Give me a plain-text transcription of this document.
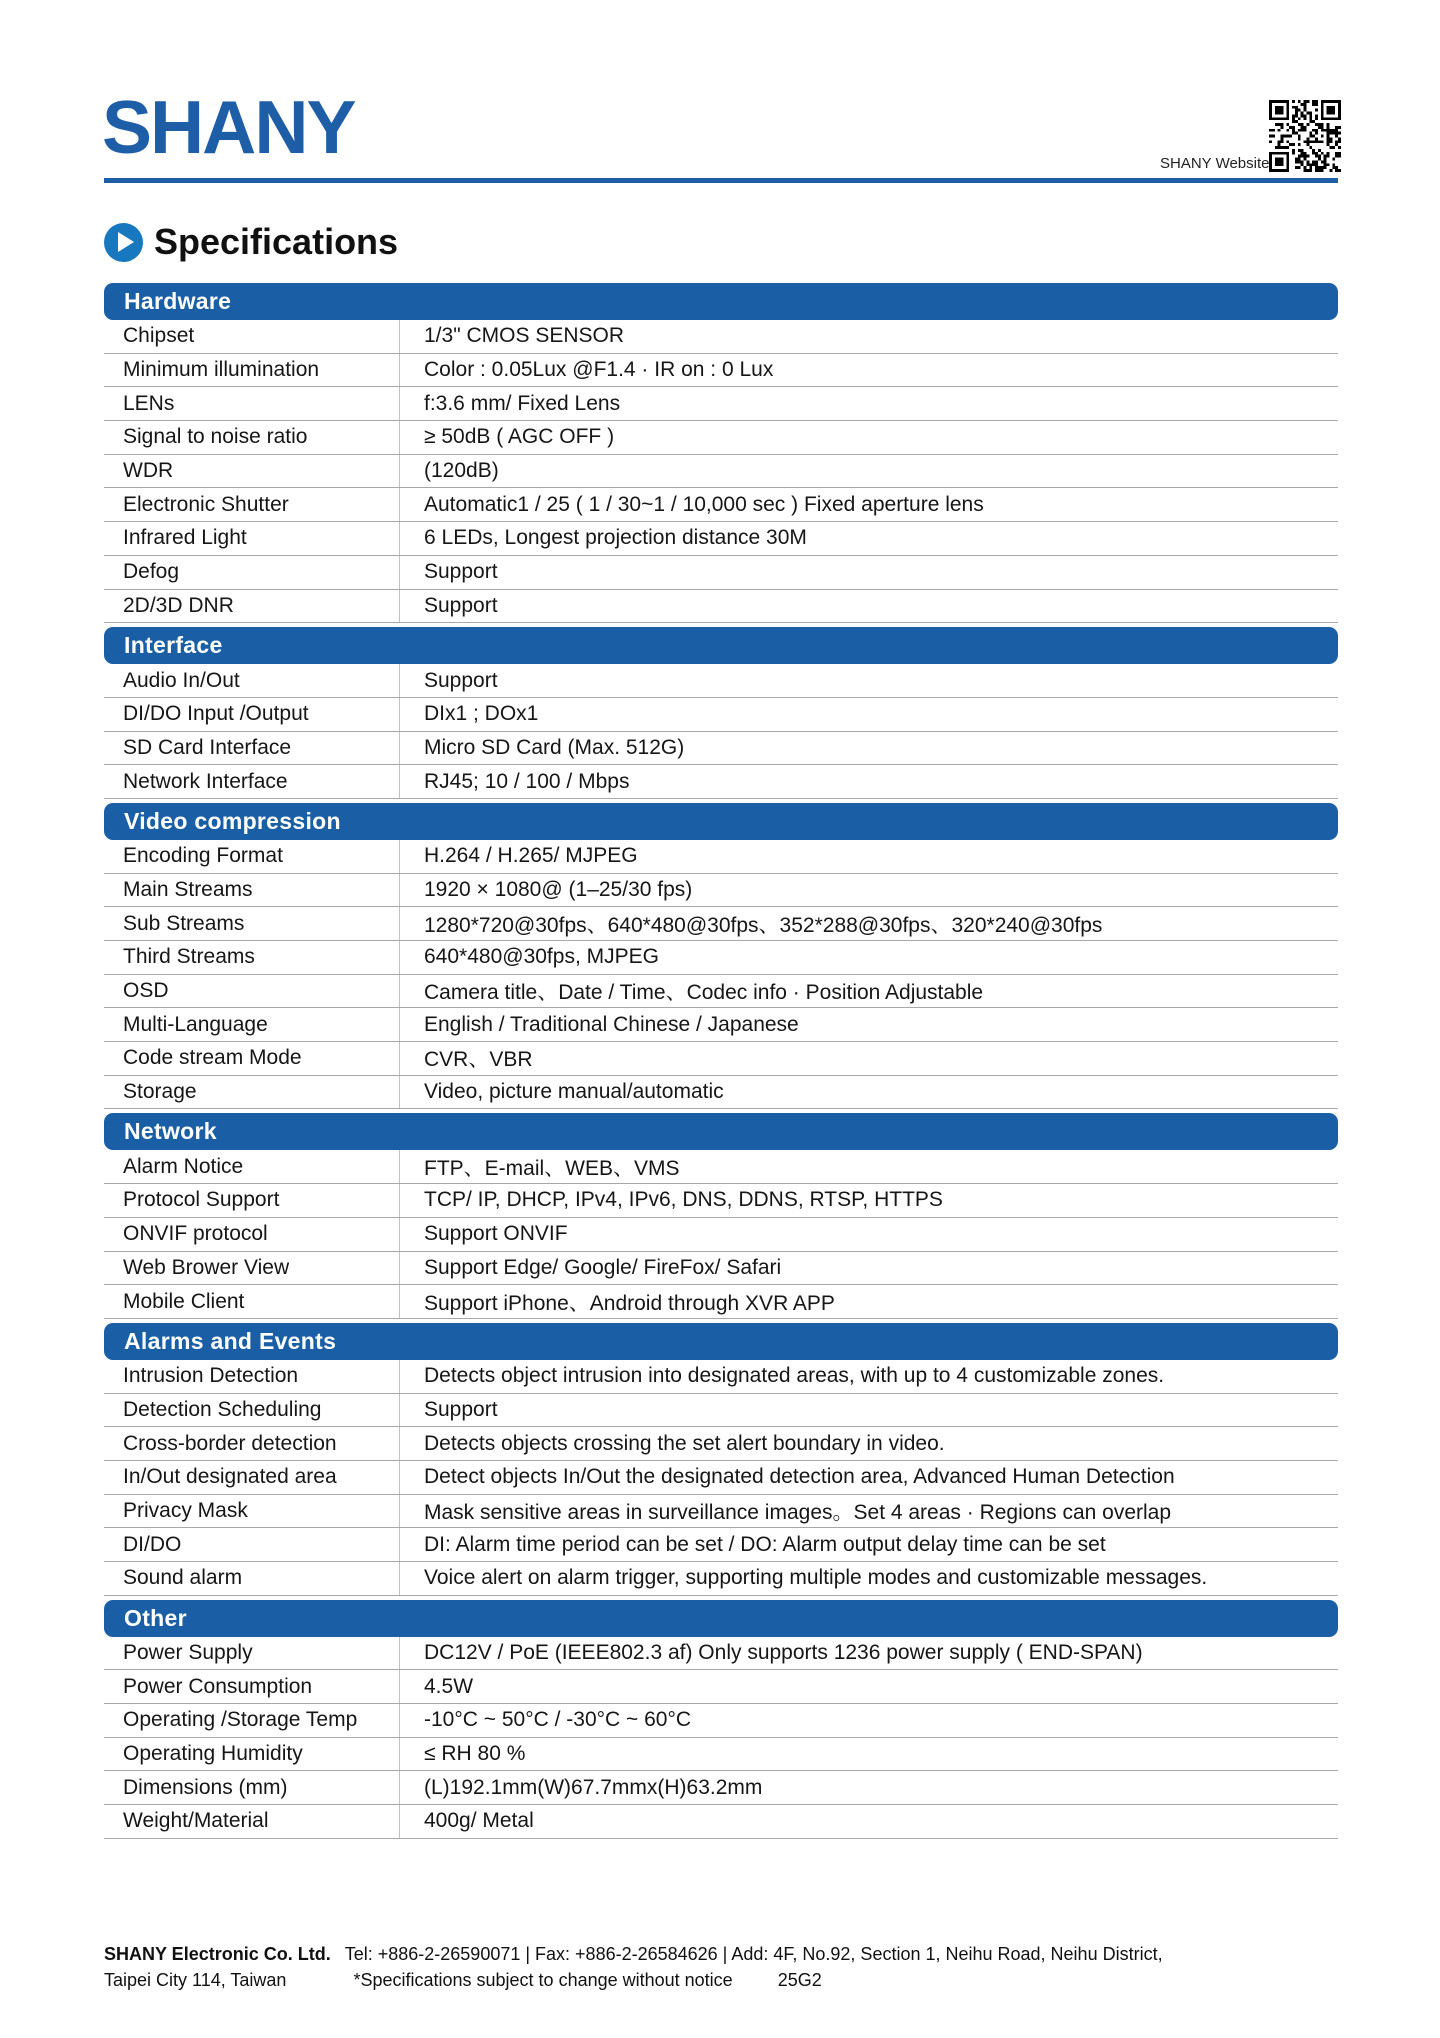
SHANY	SHANY Website
Specifications
Hardware
Chipset	1/3" CMOS SENSOR
Minimum illumination	Color : 0.05Lux @F1.4 · IR on : 0 Lux
LENs	f:3.6 mm/ Fixed Lens
Signal to noise ratio	≥ 50dB ( AGC OFF )
WDR	(120dB)
Electronic Shutter	Automatic1 / 25 ( 1 / 30~1 / 10,000 sec ) Fixed aperture lens
Infrared Light	6 LEDs, Longest projection distance 30M
Defog	Support
2D/3D DNR	Support
Interface
Audio In/Out	Support
DI/DO Input /Output	DIx1 ; DOx1
SD Card Interface	Micro SD Card (Max. 512G)
Network Interface	RJ45; 10 / 100 / Mbps
Video compression
Encoding Format	H.264 / H.265/ MJPEG
Main Streams	1920 × 1080@ (1–25/30 fps)
Sub Streams	1280*720@30fps、640*480@30fps、352*288@30fps、320*240@30fps
Third Streams	640*480@30fps, MJPEG
OSD	Camera title、Date / Time、Codec info · Position Adjustable
Multi-Language	English / Traditional Chinese / Japanese
Code stream Mode	CVR、VBR
Storage	Video, picture manual/automatic
Network
Alarm Notice	FTP、E-mail、WEB、VMS
Protocol Support	TCP/ IP, DHCP, IPv4, IPv6, DNS, DDNS, RTSP, HTTPS
ONVIF protocol	Support ONVIF
Web Brower View	Support Edge/ Google/ FireFox/ Safari
Mobile Client	Support iPhone、Android through XVR APP
Alarms and Events
Intrusion Detection	Detects object intrusion into designated areas, with up to 4 customizable zones.
Detection Scheduling	Support
Cross-border detection	Detects objects crossing the set alert boundary in video.
In/Out designated area	Detect objects In/Out the designated detection area, Advanced Human Detection
Privacy Mask	Mask sensitive areas in surveillance images。Set 4 areas · Regions can overlap
DI/DO	DI: Alarm time period can be set / DO: Alarm output delay time can be set
Sound alarm	Voice alert on alarm trigger, supporting multiple modes and customizable messages.
Other
Power Supply	DC12V / PoE (IEEE802.3 af) Only supports 1236 power supply ( END-SPAN)
Power Consumption	4.5W
Operating /Storage Temp	-10°C ~ 50°C / -30°C ~ 60°C
Operating Humidity	≤ RH 80 %
Dimensions (mm)	(L)192.1mm(W)67.7mmx(H)63.2mm
Weight/Material	400g/ Metal
SHANY Electronic Co. Ltd. Tel: +886-2-26590071 | Fax: +886-2-26584626 | Add: 4F, No.92, Section 1, Neihu Road, Neihu District,
Taipei City 114, Taiwan	*Specifications subject to change without notice	25G2
